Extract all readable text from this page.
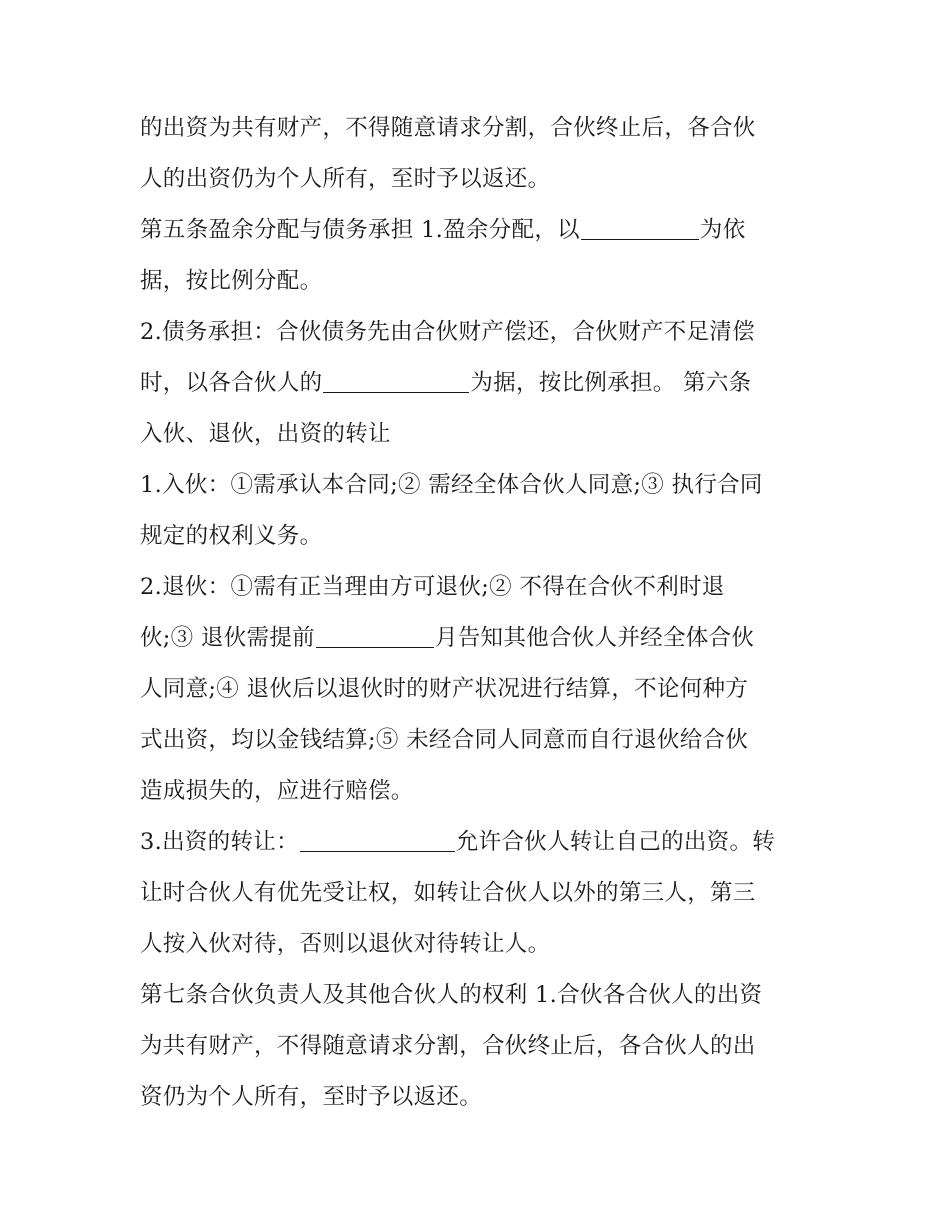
的出资为共有财产，不得随意请求分割，合伙终止后，各合伙
人的出资仍为个人所有，至时予以返还。
第五条盈余分配与债务承担 1.盈余分配，以	为依
据，按比例分配。
2.债务承担：合伙债务先由合伙财产偿还，合伙财产不足清偿
时，以各合伙人的	为据，按比例承担。 第六条
入伙、退伙，出资的转让
1.入伙：①需承认本合同;② 需经全体合伙人同意;③ 执行合同
规定的权利义务。
2.退伙：①需有正当理由方可退伙;② 不得在合伙不利时退
伙;③ 退伙需提前	月告知其他合伙人并经全体合伙
人同意;④ 退伙后以退伙时的财产状况进行结算，不论何种方
式出资，均以金钱结算;⑤ 未经合同人同意而自行退伙给合伙
造成损失的，应进行赔偿。
3.出资的转让：	允许合伙人转让自己的出资。转
让时合伙人有优先受让权，如转让合伙人以外的第三人，第三
人按入伙对待，否则以退伙对待转让人。
第七条合伙负责人及其他合伙人的权利 1.合伙各合伙人的出资
为共有财产，不得随意请求分割，合伙终止后，各合伙人的出
资仍为个人所有，至时予以返还。
